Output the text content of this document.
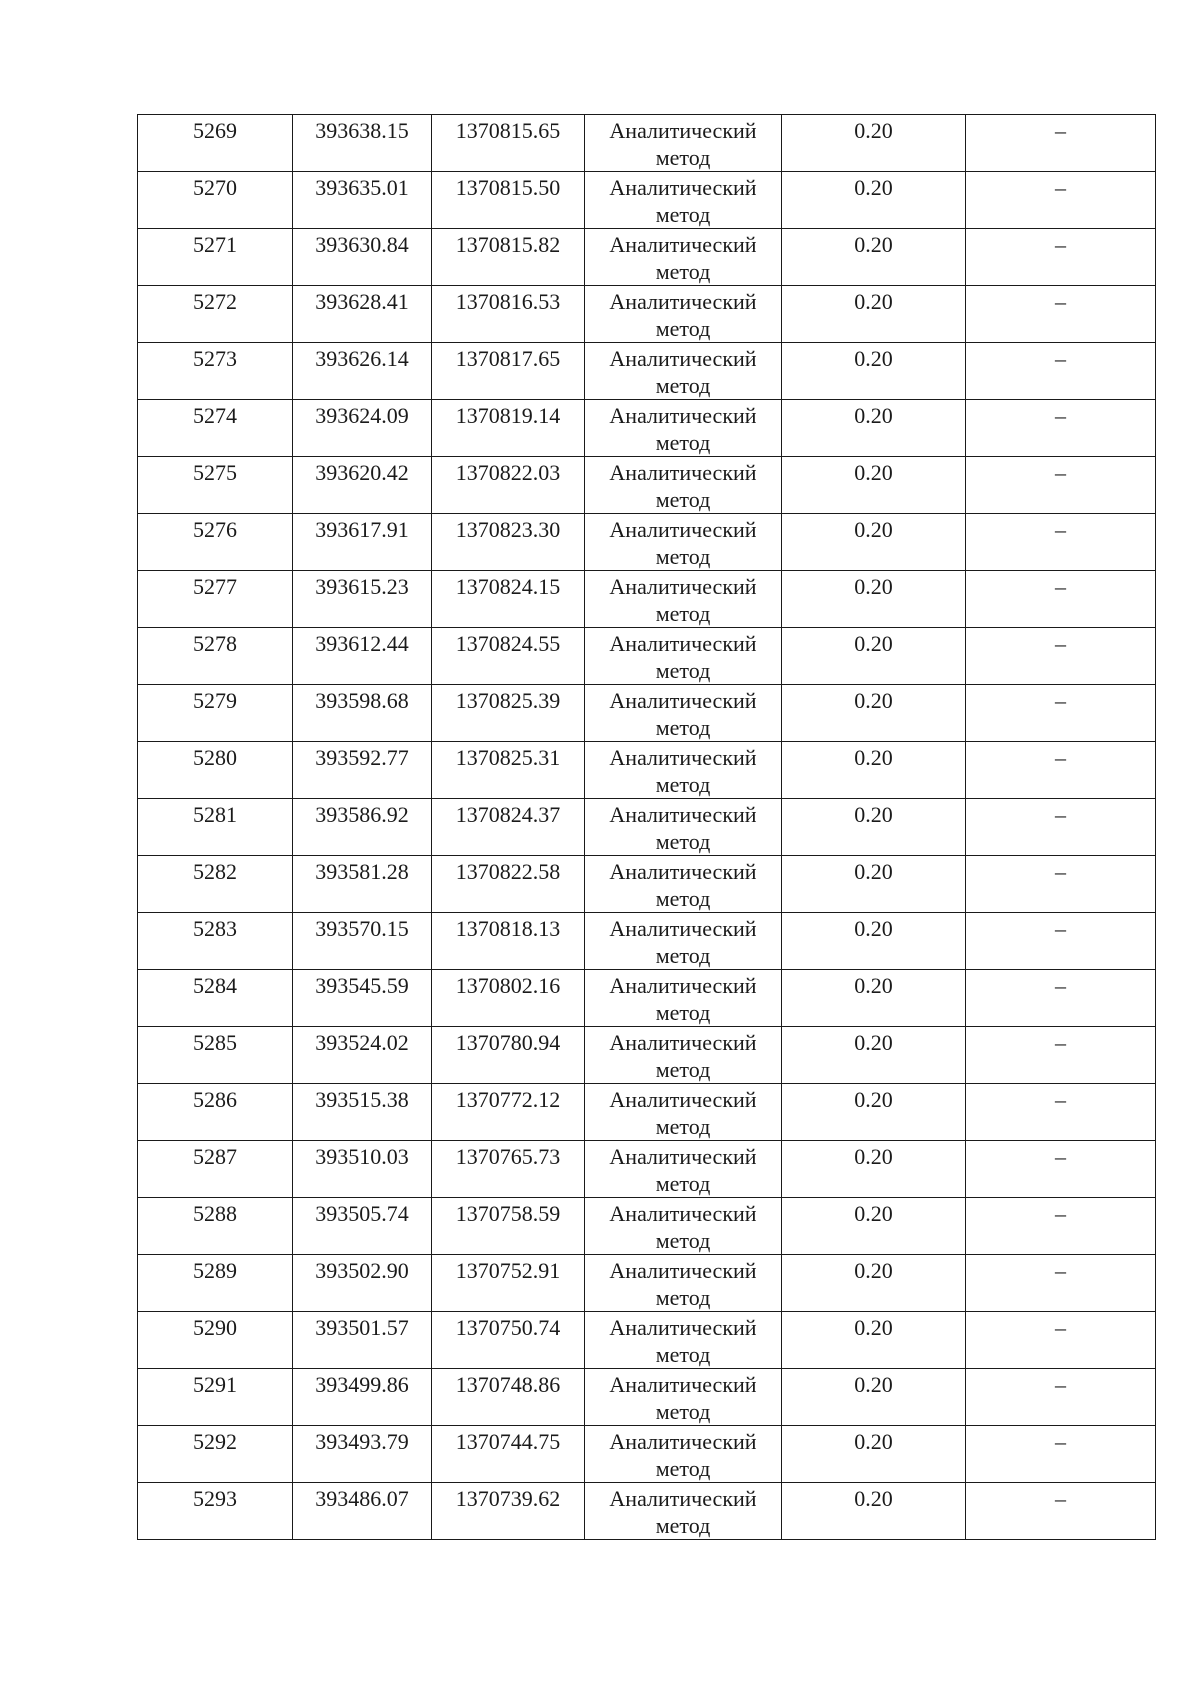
5269	393638.15	1370815.65	Аналитический метод	0.20	–
5270	393635.01	1370815.50	Аналитический метод	0.20	–
5271	393630.84	1370815.82	Аналитический метод	0.20	–
5272	393628.41	1370816.53	Аналитический метод	0.20	–
5273	393626.14	1370817.65	Аналитический метод	0.20	–
5274	393624.09	1370819.14	Аналитический метод	0.20	–
5275	393620.42	1370822.03	Аналитический метод	0.20	–
5276	393617.91	1370823.30	Аналитический метод	0.20	–
5277	393615.23	1370824.15	Аналитический метод	0.20	–
5278	393612.44	1370824.55	Аналитический метод	0.20	–
5279	393598.68	1370825.39	Аналитический метод	0.20	–
5280	393592.77	1370825.31	Аналитический метод	0.20	–
5281	393586.92	1370824.37	Аналитический метод	0.20	–
5282	393581.28	1370822.58	Аналитический метод	0.20	–
5283	393570.15	1370818.13	Аналитический метод	0.20	–
5284	393545.59	1370802.16	Аналитический метод	0.20	–
5285	393524.02	1370780.94	Аналитический метод	0.20	–
5286	393515.38	1370772.12	Аналитический метод	0.20	–
5287	393510.03	1370765.73	Аналитический метод	0.20	–
5288	393505.74	1370758.59	Аналитический метод	0.20	–
5289	393502.90	1370752.91	Аналитический метод	0.20	–
5290	393501.57	1370750.74	Аналитический метод	0.20	–
5291	393499.86	1370748.86	Аналитический метод	0.20	–
5292	393493.79	1370744.75	Аналитический метод	0.20	–
5293	393486.07	1370739.62	Аналитический метод	0.20	–
